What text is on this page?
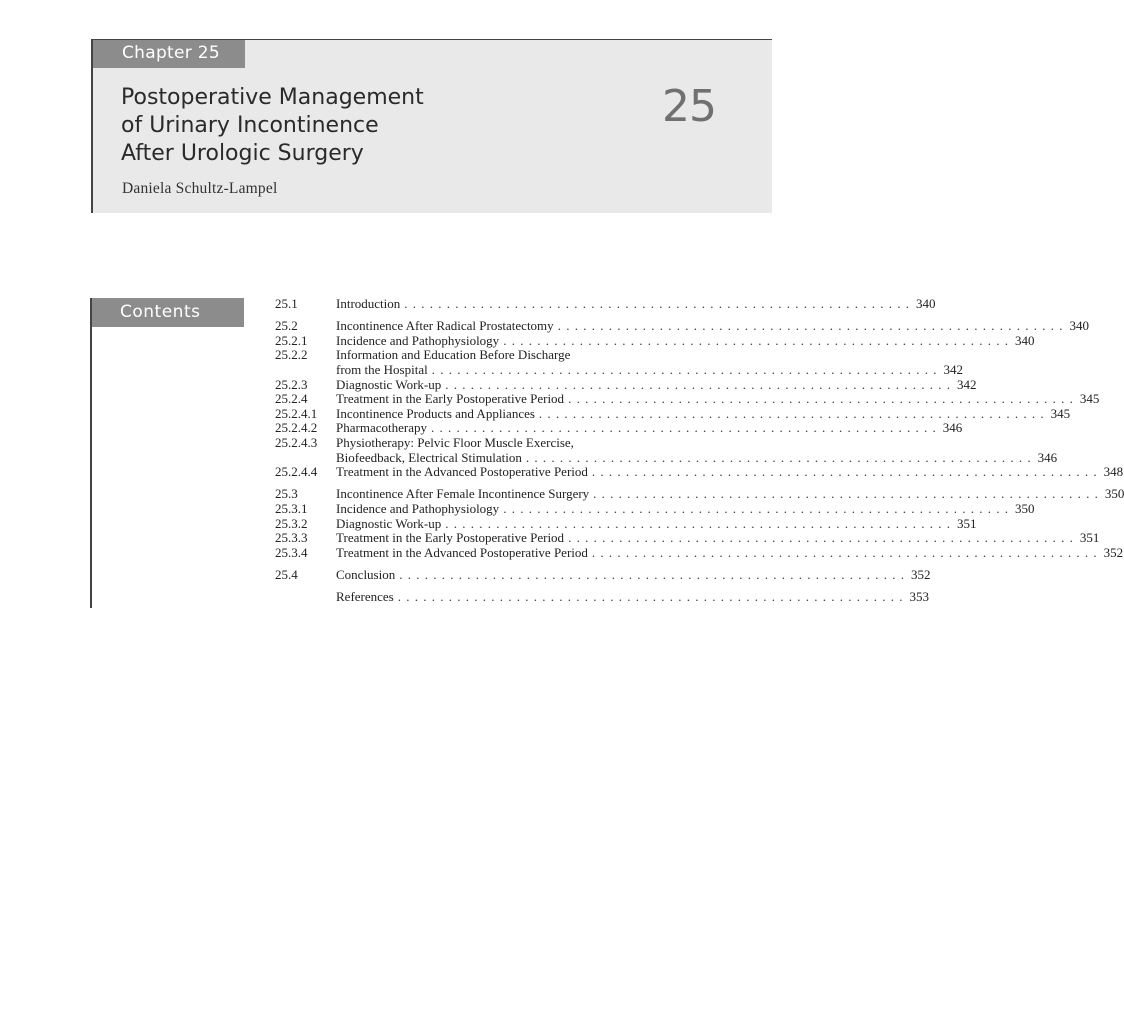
Chapter 25
Postoperative Management
of Urinary Incontinence
After Urologic Surgery
25
Daniela Schultz-Lampel
Contents	25.1	Introduction . . . . . . . . . . . . . . . . . . . . . . . . . . . . . . . . . . . . . . . . . . . . . . . . . . . . . . . . . . . . 340
25.2	Incontinence After Radical Prostatectomy . . . . . . . . . . . . . . . . . . . . . . . . . . . . . . . . . . . . . . . . . . . . . . . . . . . . . . . . . . . . 340
25.2.1 Incidence and Pathophysiology . . . . . . . . . . . . . . . . . . . . . . . . . . . . . . . . . . . . . . . . . . . . . . . . . . . . . . . . . . . . 340
25.2.2 Information and Education Before Discharge
from the Hospital . . . . . . . . . . . . . . . . . . . . . . . . . . . . . . . . . . . . . . . . . . . . . . . . . . . . . . . . . . . . 342
25.2.3 Diagnostic Work-up . . . . . . . . . . . . . . . . . . . . . . . . . . . . . . . . . . . . . . . . . . . . . . . . . . . . . . . . . . . . 342
25.2.4 Treatment in the Early Postoperative Period . . . . . . . . . . . . . . . . . . . . . . . . . . . . . . . . . . . . . . . . . . . . . . . . . . . . . . . . . . . . 345
25.2.4.1 Incontinence Products and Appliances . . . . . . . . . . . . . . . . . . . . . . . . . . . . . . . . . . . . . . . . . . . . . . . . . . . . . . . . . . . . 345
25.2.4.2 Pharmacotherapy . . . . . . . . . . . . . . . . . . . . . . . . . . . . . . . . . . . . . . . . . . . . . . . . . . . . . . . . . . . . 346
25.2.4.3 Physiotherapy: Pelvic Floor Muscle Exercise,
Biofeedback, Electrical Stimulation . . . . . . . . . . . . . . . . . . . . . . . . . . . . . . . . . . . . . . . . . . . . . . . . . . . . . . . . . . . . 346
25.2.4.4 Treatment in the Advanced Postoperative Period . . . . . . . . . . . . . . . . . . . . . . . . . . . . . . . . . . . . . . . . . . . . . . . . . . . . . . . . . . . . 348
25.3	Incontinence After Female Incontinence Surgery . . . . . . . . . . . . . . . . . . . . . . . . . . . . . . . . . . . . . . . . . . . . . . . . . . . . . . . . . . . . 350
25.3.1 Incidence and Pathophysiology . . . . . . . . . . . . . . . . . . . . . . . . . . . . . . . . . . . . . . . . . . . . . . . . . . . . . . . . . . . . 350
25.3.2 Diagnostic Work-up . . . . . . . . . . . . . . . . . . . . . . . . . . . . . . . . . . . . . . . . . . . . . . . . . . . . . . . . . . . . 351
25.3.3 Treatment in the Early Postoperative Period . . . . . . . . . . . . . . . . . . . . . . . . . . . . . . . . . . . . . . . . . . . . . . . . . . . . . . . . . . . . 351
25.3.4 Treatment in the Advanced Postoperative Period . . . . . . . . . . . . . . . . . . . . . . . . . . . . . . . . . . . . . . . . . . . . . . . . . . . . . . . . . . . . 352
25.4	Conclusion . . . . . . . . . . . . . . . . . . . . . . . . . . . . . . . . . . . . . . . . . . . . . . . . . . . . . . . . . . . . 352
References . . . . . . . . . . . . . . . . . . . . . . . . . . . . . . . . . . . . . . . . . . . . . . . . . . . . . . . . . . . . 353
